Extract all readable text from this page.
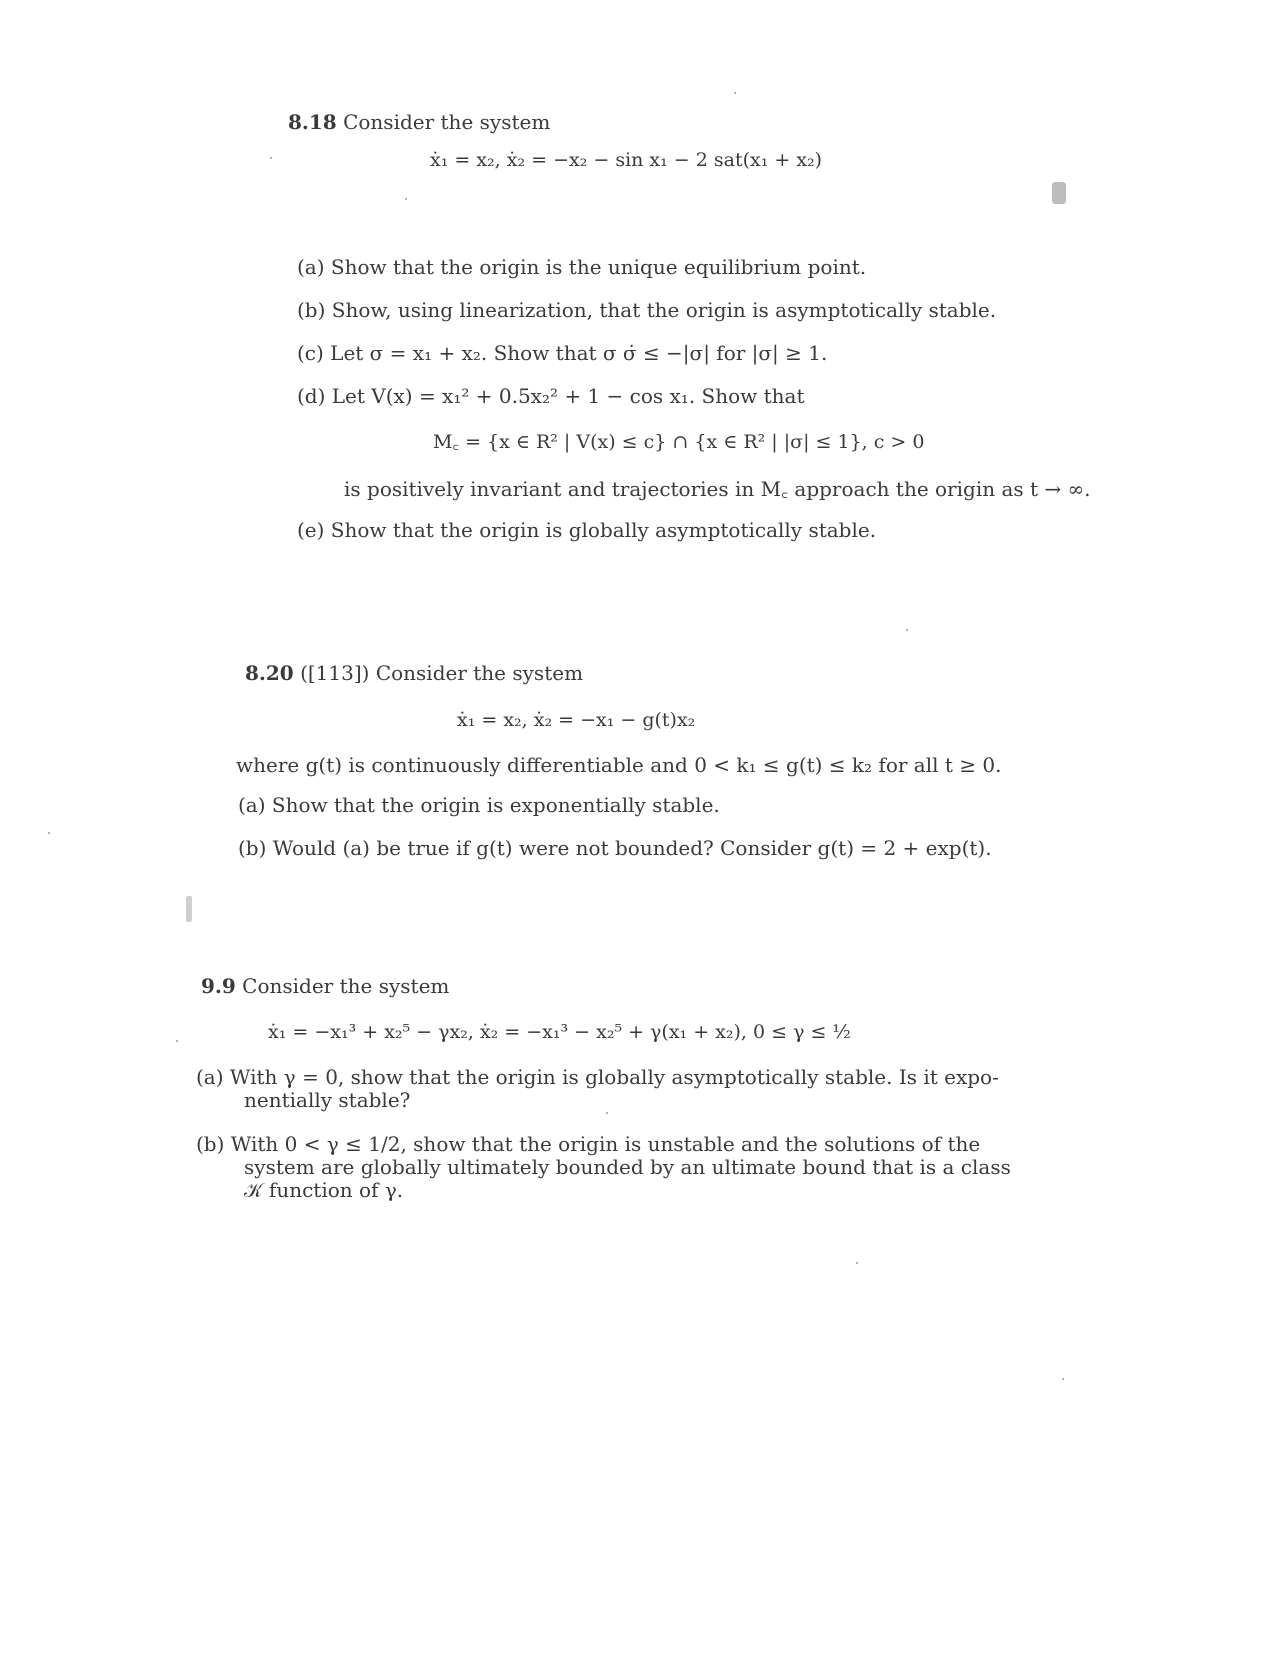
8.18 Consider the system
ẋ₁ = x₂, ẋ₂ = −x₂ − sin x₁ − 2 sat(x₁ + x₂)
(a) Show that the origin is the unique equilibrium point.
(b) Show, using linearization, that the origin is asymptotically stable.
(c) Let σ = x₁ + x₂. Show that σ σ̇ ≤ −|σ| for |σ| ≥ 1.
(d) Let V(x) = x₁² + 0.5x₂² + 1 − cos x₁. Show that
M꜀ = {x ∈ R² | V(x) ≤ c} ∩ {x ∈ R² | |σ| ≤ 1}, c > 0
is positively invariant and trajectories in M꜀ approach the origin as t → ∞.
(e) Show that the origin is globally asymptotically stable.
8.20 ([113]) Consider the system
ẋ₁ = x₂, ẋ₂ = −x₁ − g(t)x₂
where g(t) is continuously differentiable and 0 < k₁ ≤ g(t) ≤ k₂ for all t ≥ 0.
(a) Show that the origin is exponentially stable.
(b) Would (a) be true if g(t) were not bounded? Consider g(t) = 2 + exp(t).
9.9 Consider the system
ẋ₁ = −x₁³ + x₂⁵ − γx₂, ẋ₂ = −x₁³ − x₂⁵ + γ(x₁ + x₂), 0 ≤ γ ≤ ½
(a) With γ = 0, show that the origin is globally asymptotically stable. Is it expo-
nentially stable?
(b) With 0 < γ ≤ 1/2, show that the origin is unstable and the solutions of the
system are globally ultimately bounded by an ultimate bound that is a class
𝒦 function of γ.
